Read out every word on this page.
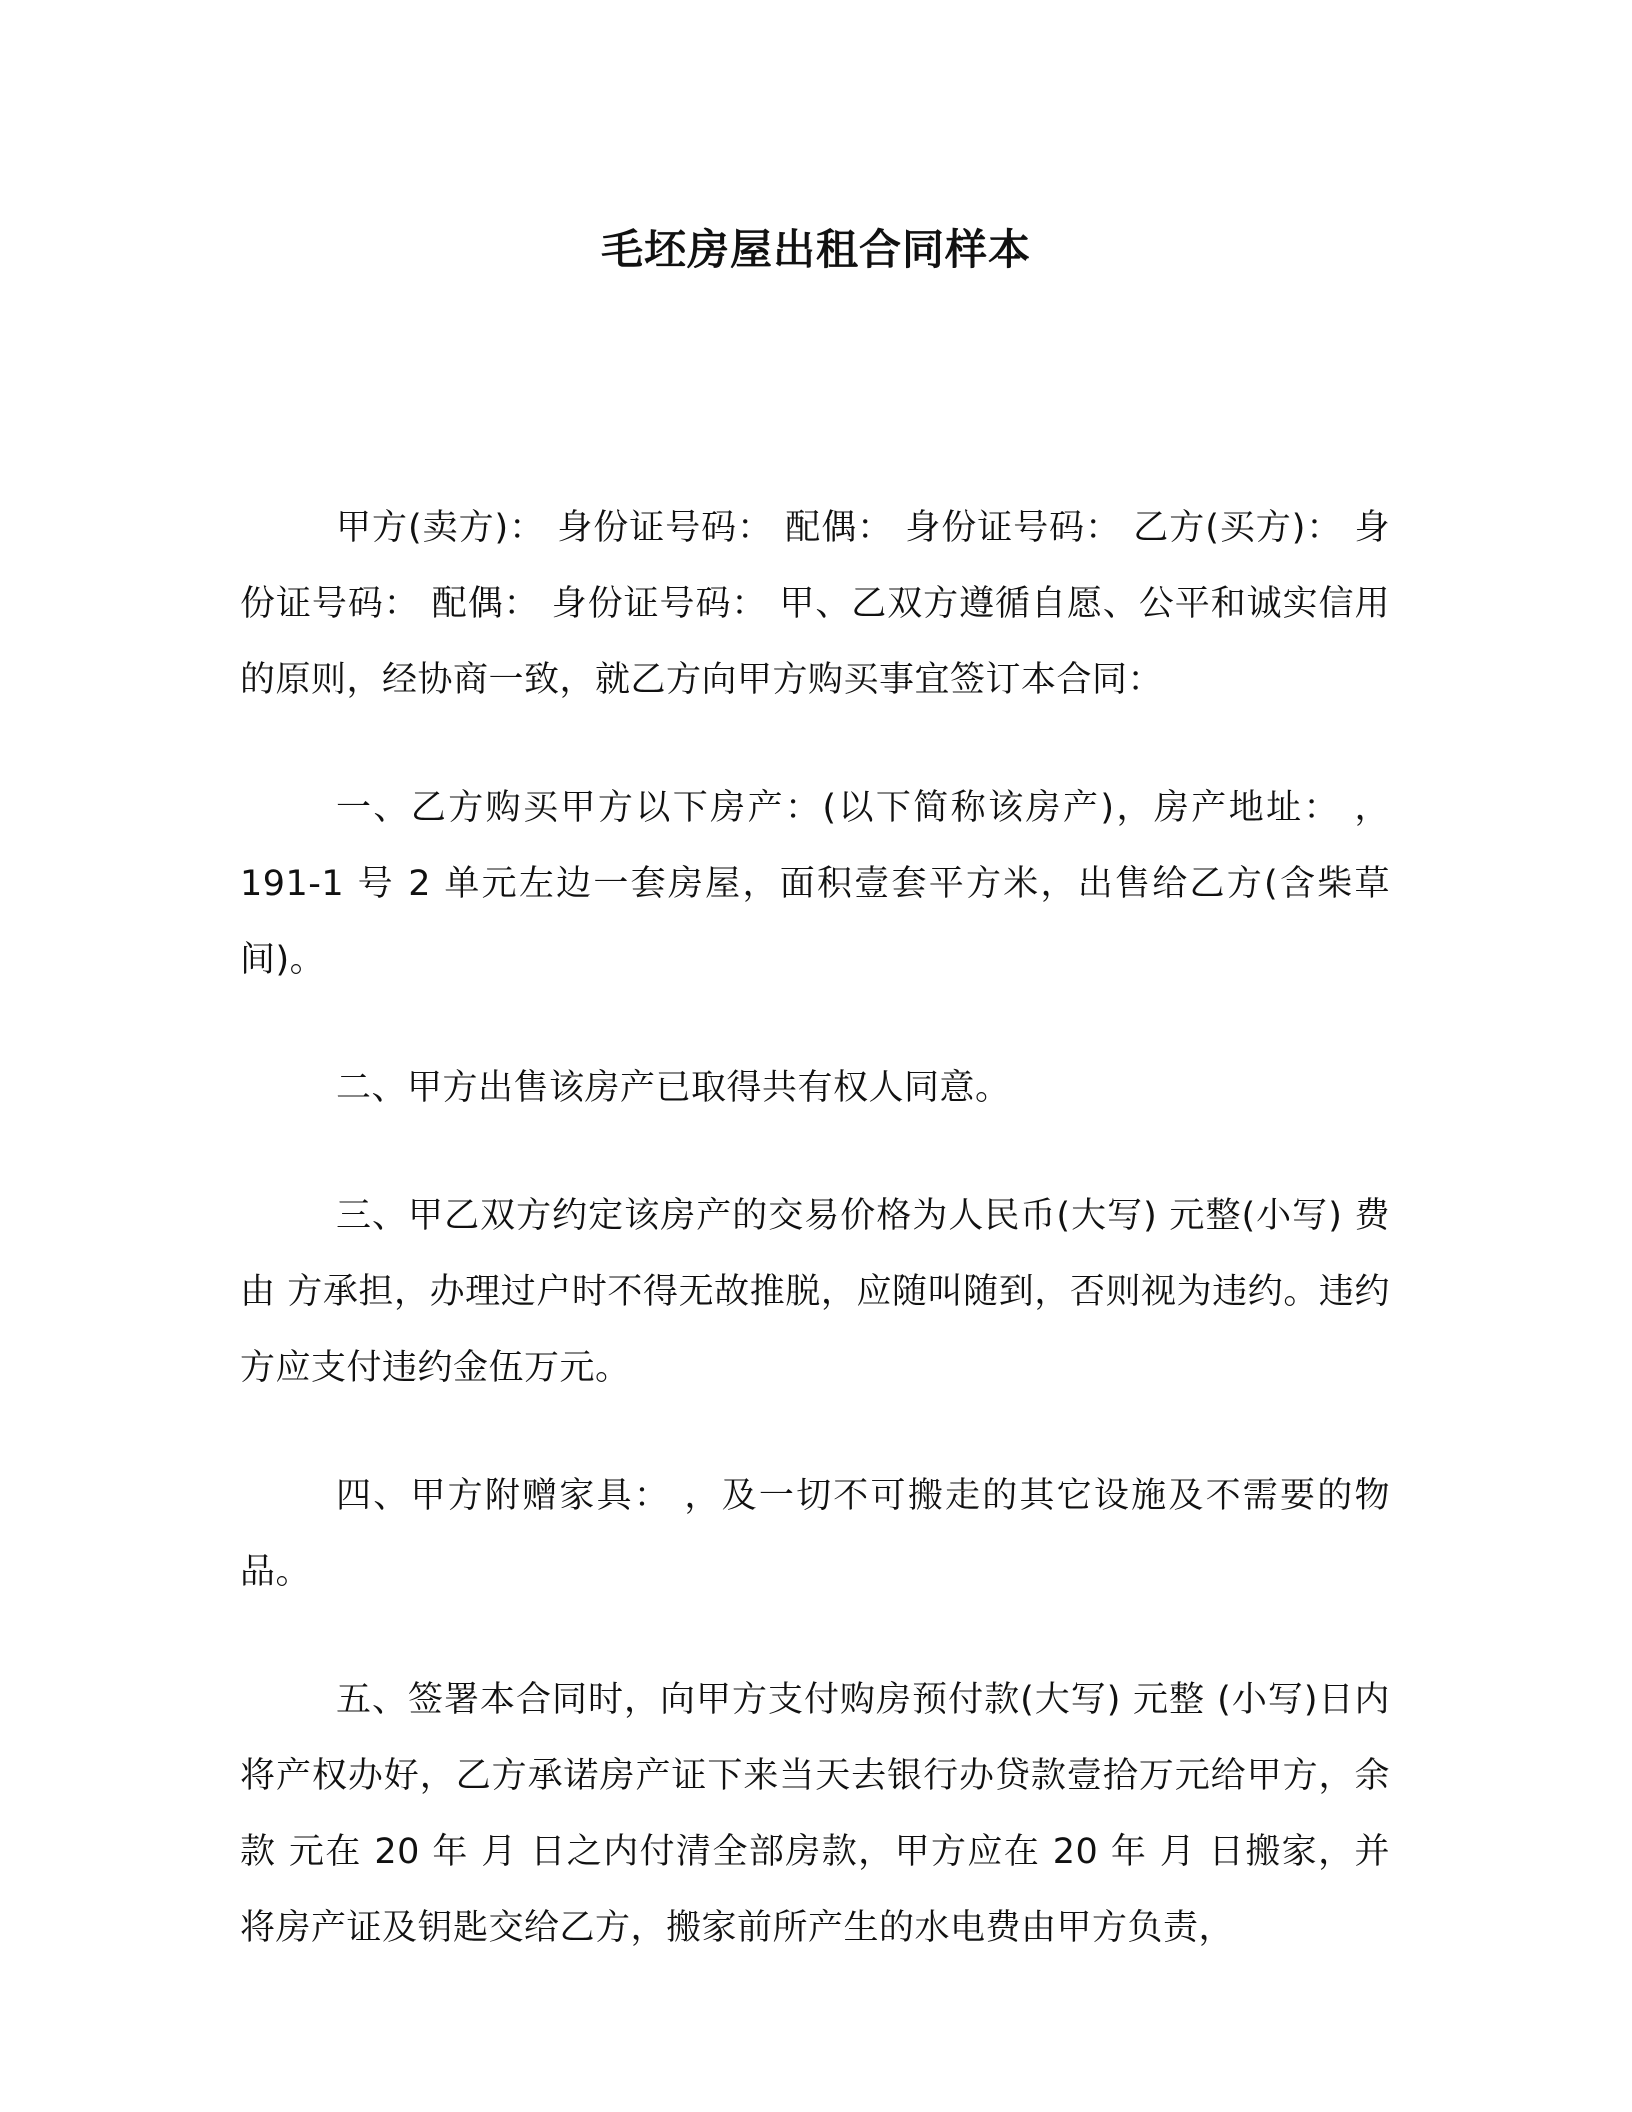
毛坯房屋出租合同样本

甲方(卖方)： 身份证号码： 配偶： 身份证号码： 乙方(买方)： 身份证号码： 配偶： 身份证号码： 甲、乙双方遵循自愿、公平和诚实信用的原则，经协商一致，就乙方向甲方购买事宜签订本合同：

一、乙方购买甲方以下房产：(以下简称该房产)，房产地址： ，191-1 号 2 单元左边一套房屋，面积壹套平方米，出售给乙方(含柴草间)。

二、甲方出售该房产已取得共有权人同意。

三、甲乙双方约定该房产的交易价格为人民币(大写) 元整(小写) 费由 方承担，办理过户时不得无故推脱，应随叫随到，否则视为违约。违约方应支付违约金伍万元。

四、甲方附赠家具： ，及一切不可搬走的其它设施及不需要的物品。

五、签署本合同时，向甲方支付购房预付款(大写) 元整 (小写)日内将产权办好，乙方承诺房产证下来当天去银行办贷款壹拾万元给甲方，余款 元在 20 年 月 日之内付清全部房款，甲方应在 20 年 月 日搬家，并将房产证及钥匙交给乙方，搬家前所产生的水电费由甲方负责，
